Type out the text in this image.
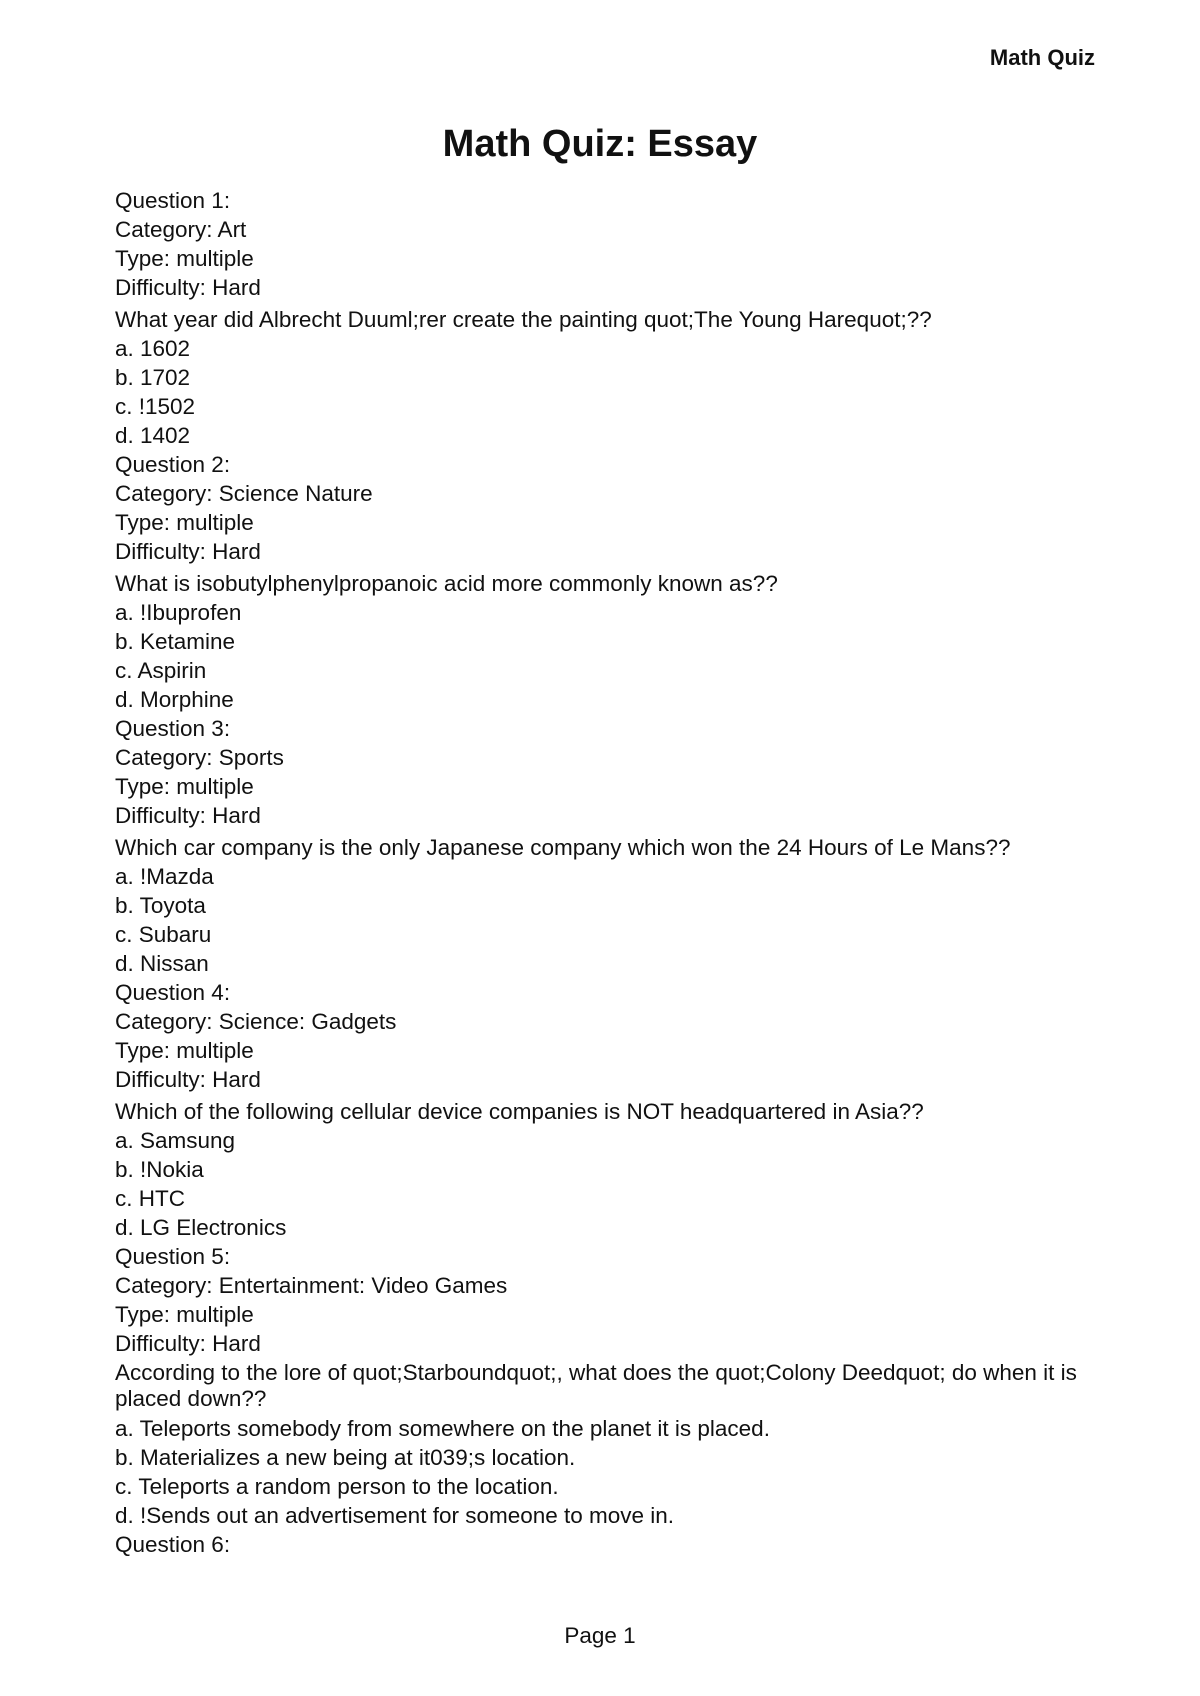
Math Quiz
Math Quiz: Essay
Question 1:
Category: Art
Type: multiple
Difficulty: Hard
What year did Albrecht Duuml;rer create the painting quot;The Young Harequot;??
a. 1602
b. 1702
c. !1502
d. 1402
Question 2:
Category: Science Nature
Type: multiple
Difficulty: Hard
What is isobutylphenylpropanoic acid more commonly known as??
a. !Ibuprofen
b. Ketamine
c. Aspirin
d. Morphine
Question 3:
Category: Sports
Type: multiple
Difficulty: Hard
Which car company is the only Japanese company which won the 24 Hours of Le Mans??
a. !Mazda
b. Toyota
c. Subaru
d. Nissan
Question 4:
Category: Science: Gadgets
Type: multiple
Difficulty: Hard
Which of the following cellular device companies is NOT headquartered in Asia??
a. Samsung
b. !Nokia
c. HTC
d. LG Electronics
Question 5:
Category: Entertainment: Video Games
Type: multiple
Difficulty: Hard
According to the lore of quot;Starboundquot;, what does the quot;Colony Deedquot; do when it is placed down??
a. Teleports somebody from somewhere on the planet it is placed.
b. Materializes a new being at it039;s location.
c. Teleports a random person to the location.
d. !Sends out an advertisement for someone to move in.
Question 6:
Page 1
